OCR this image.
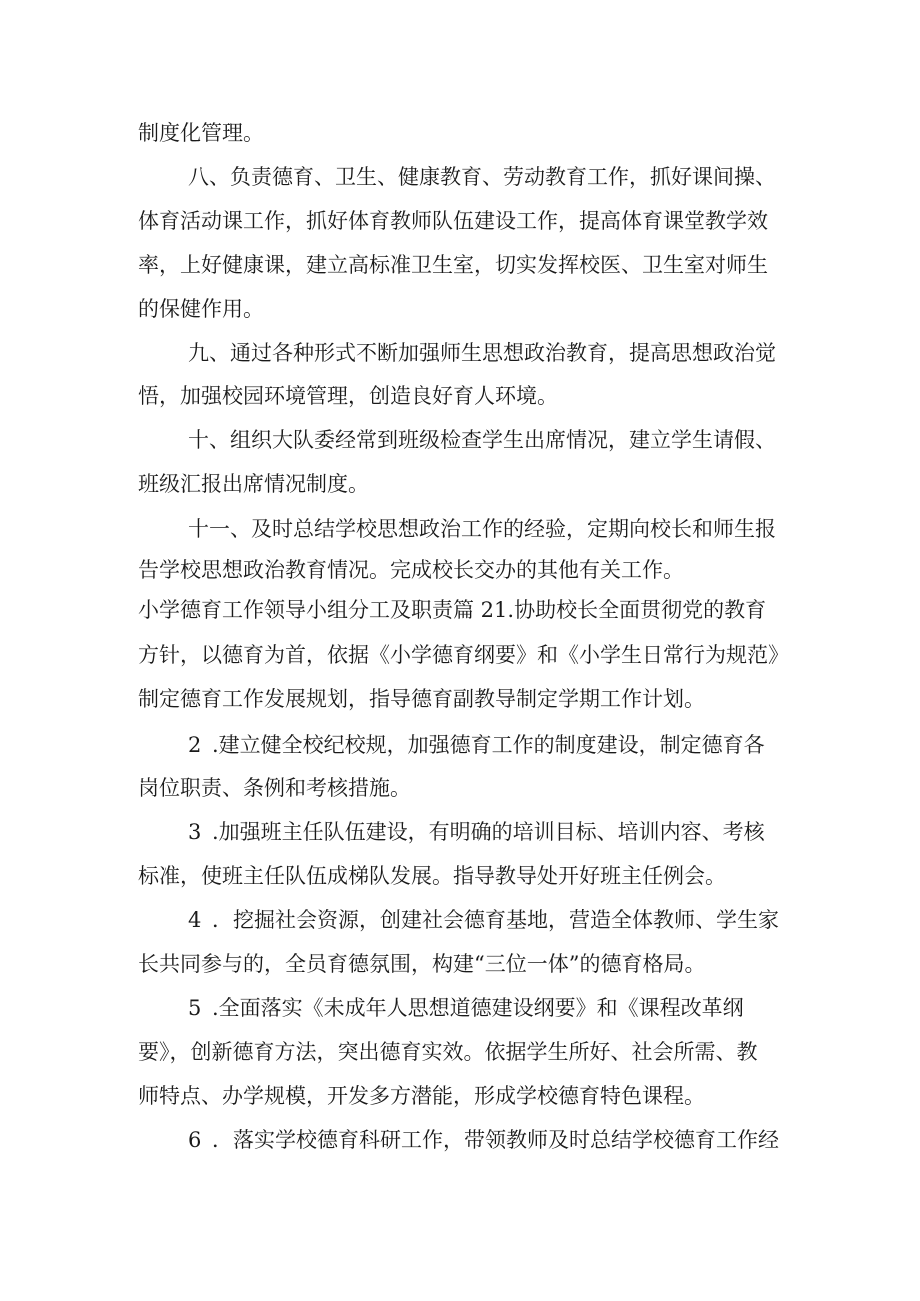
制度化管理。
八、负责德育、卫生、健康教育、劳动教育工作，抓好课间操、
体育活动课工作，抓好体育教师队伍建设工作，提高体育课堂教学效
率，上好健康课，建立高标准卫生室，切实发挥校医、卫生室对师生
的保健作用。
九、通过各种形式不断加强师生思想政治教育，提高思想政治觉
悟，加强校园环境管理，创造良好育人环境。
十、组织大队委经常到班级检查学生出席情况，建立学生请假、
班级汇报出席情况制度。
十一、及时总结学校思想政治工作的经验，定期向校长和师生报
告学校思想政治教育情况。完成校长交办的其他有关工作。
小学德育工作领导小组分工及职责篇 21.协助校长全面贯彻党的教育
方针，以德育为首，依据《小学德育纲要》和《小学生日常行为规范》
制定德育工作发展规划，指导德育副教导制定学期工作计划。
2 .建立健全校纪校规，加强德育工作的制度建设，制定德育各
岗位职责、条例和考核措施。
3 .加强班主任队伍建设，有明确的培训目标、培训内容、考核
标准，使班主任队伍成梯队发展。指导教导处开好班主任例会。
4 ．挖掘社会资源，创建社会德育基地，营造全体教师、学生家
长共同参与的，全员育德氛围，构建“三位一体”的德育格局。
5 .全面落实《未成年人思想道德建设纲要》和《课程改革纲
要》，创新德育方法，突出德育实效。依据学生所好、社会所需、教
师特点、办学规模，开发多方潜能，形成学校德育特色课程。
6 ．落实学校德育科研工作，带领教师及时总结学校德育工作经
